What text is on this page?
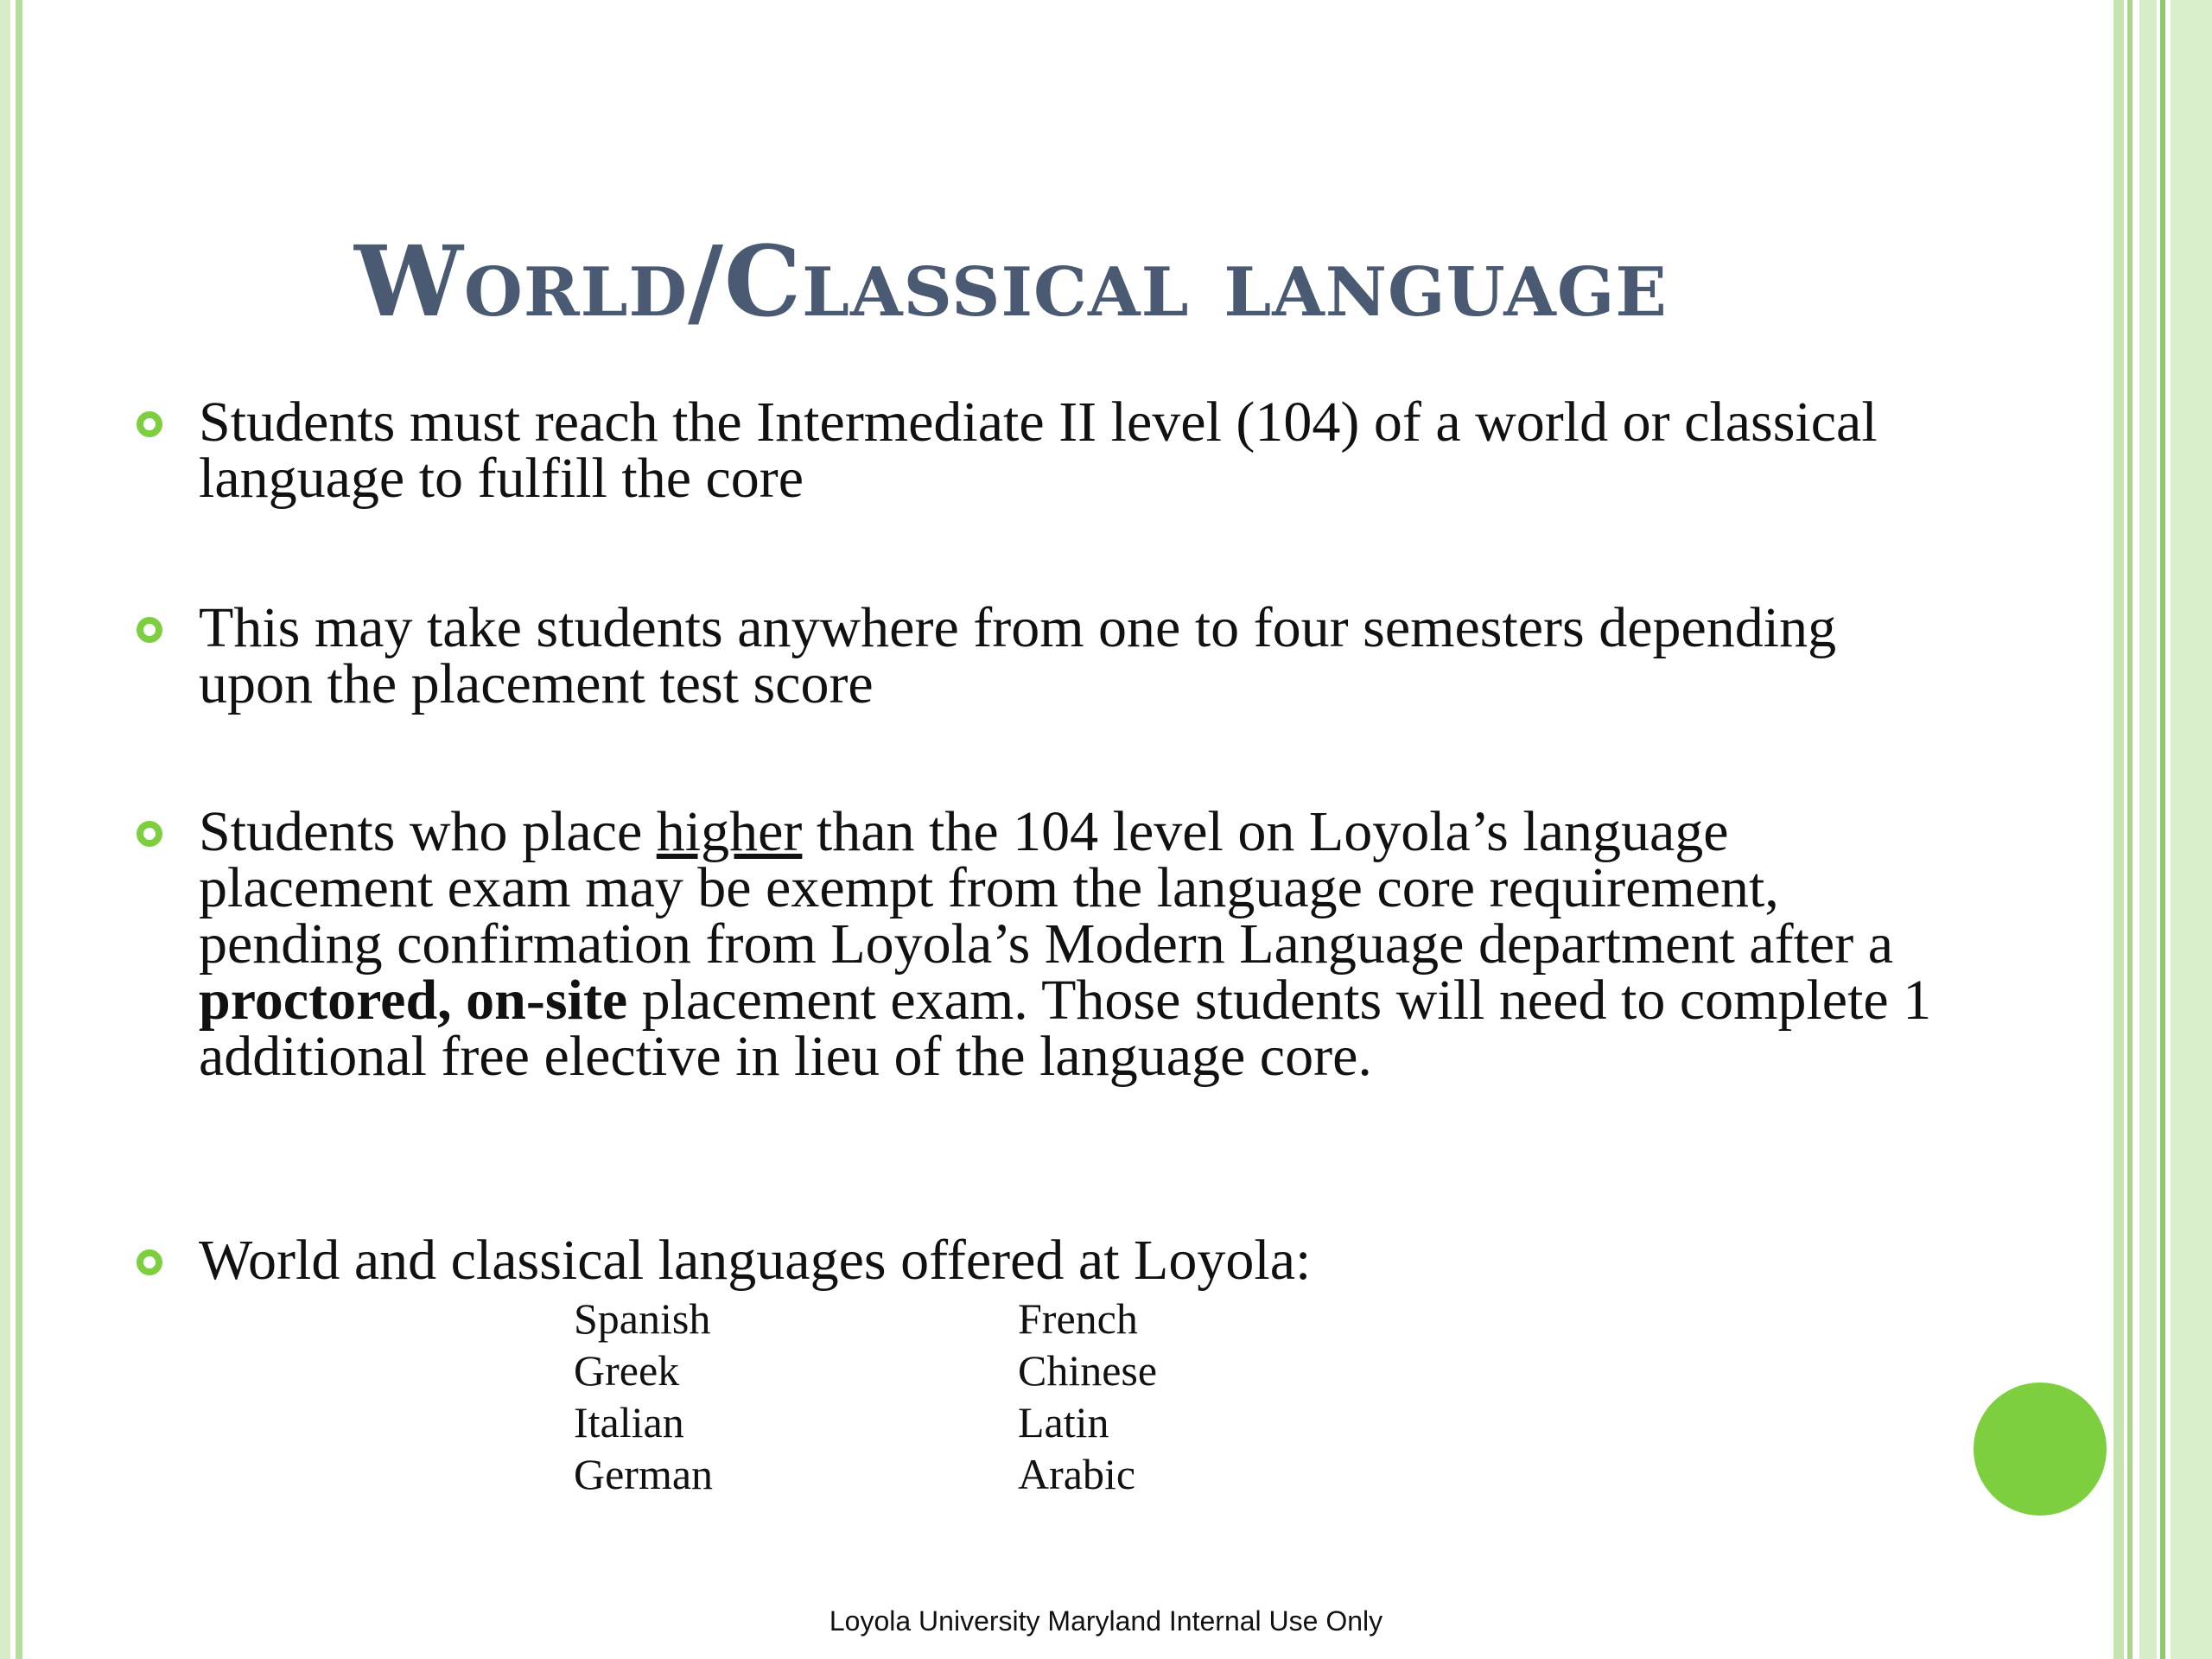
World/Classical language
Students must reach the Intermediate II level (104) of a world or classical language to fulfill the core
This may take students anywhere from one to four semesters depending upon the placement test score
Students who place higher than the 104 level on Loyola’s language placement exam may be exempt from the language core requirement, pending confirmation from Loyola’s Modern Language department after a proctored, on-site placement exam. Those students will need to complete 1 additional free elective in lieu of the language core.
World and classical languages offered at Loyola:
Spanish
Greek
Italian
German
French
Chinese
Latin
Arabic
Loyola University Maryland Internal Use Only
